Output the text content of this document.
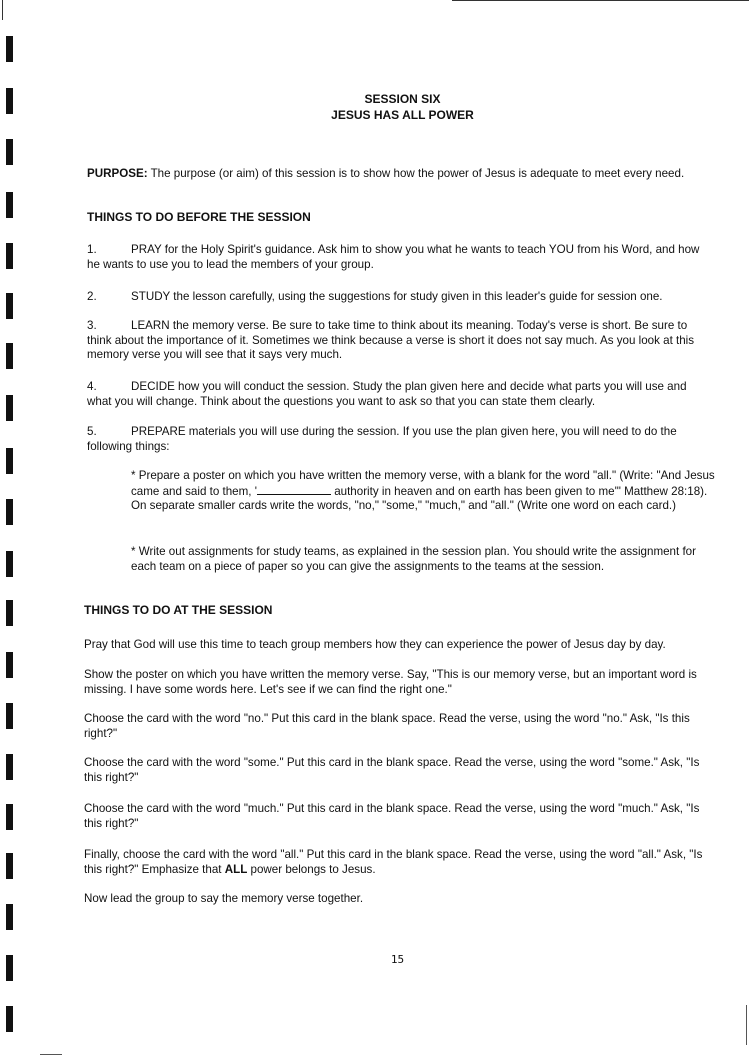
SESSION SIX
JESUS HAS ALL POWER

PURPOSE: The purpose (or aim) of this session is to show how the power of Jesus is adequate to meet every need.

THINGS TO DO BEFORE THE SESSION

1.	PRAY for the Holy Spirit's guidance. Ask him to show you what he wants to teach YOU from his Word, and how he wants to use you to lead the members of your group.

2.	STUDY the lesson carefully, using the suggestions for study given in this leader's guide for session one.

3.	LEARN the memory verse. Be sure to take time to think about its meaning. Today's verse is short. Be sure to think about the importance of it. Sometimes we think because a verse is short it does not say much. As you look at this memory verse you will see that it says very much.

4.	DECIDE how you will conduct the session. Study the plan given here and decide what parts you will use and what you will change. Think about the questions you want to ask so that you can state them clearly.

5.	PREPARE materials you will use during the session. If you use the plan given here, you will need to do the following things:

* Prepare a poster on which you have written the memory verse, with a blank for the word "all." (Write: "And Jesus came and said to them, '	authority in heaven and on earth has been given to me'" Matthew 28:18). On separate smaller cards write the words, "no," "some," "much," and "all." (Write one word on each card.)

* Write out assignments for study teams, as explained in the session plan. You should write the assignment for each team on a piece of paper so you can give the assignments to the teams at the session.

THINGS TO DO AT THE SESSION

Pray that God will use this time to teach group members how they can experience the power of Jesus day by day.

Show the poster on which you have written the memory verse. Say, "This is our memory verse, but an important word is missing. I have some words here. Let's see if we can find the right one."

Choose the card with the word "no." Put this card in the blank space. Read the verse, using the word "no." Ask, "Is this right?"

Choose the card with the word "some." Put this card in the blank space. Read the verse, using the word "some." Ask, "Is this right?"

Choose the card with the word "much." Put this card in the blank space. Read the verse, using the word "much." Ask, "Is this right?"

Finally, choose the card with the word "all." Put this card in the blank space. Read the verse, using the word "all." Ask, "Is this right?" Emphasize that ALL power belongs to Jesus.

Now lead the group to say the memory verse together.

15
